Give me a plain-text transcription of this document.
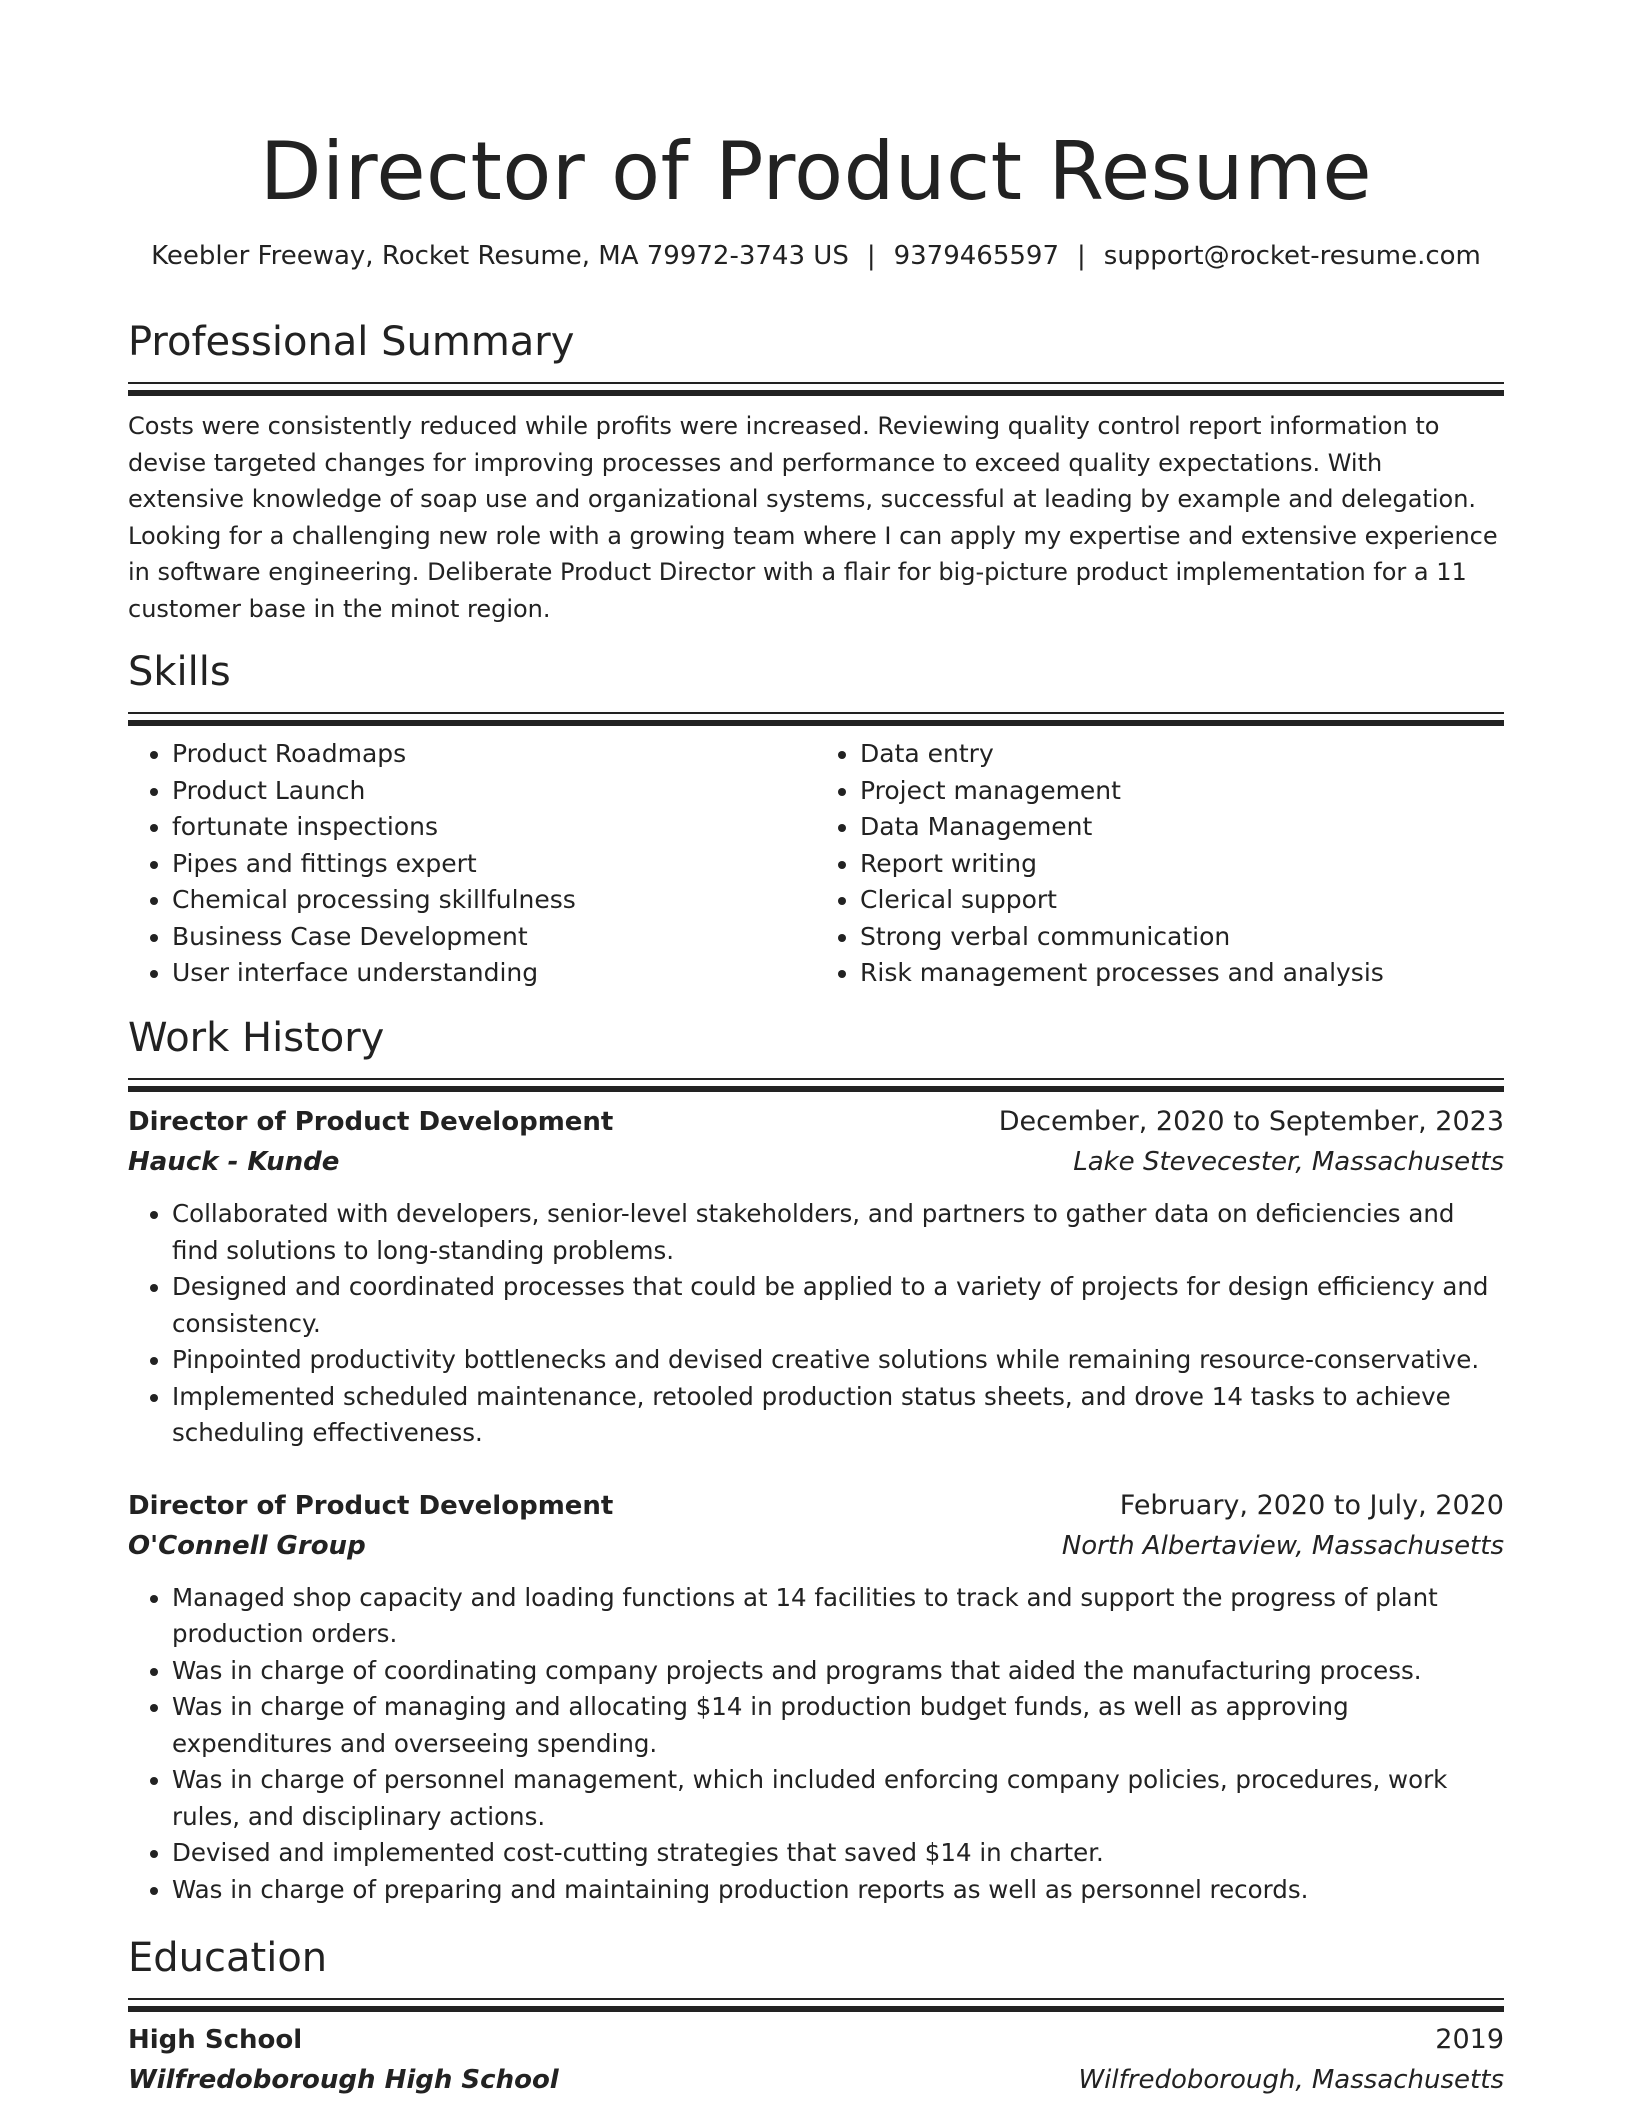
Director of Product Resume
Keebler Freeway, Rocket Resume, MA 79972-3743 US | 9379465597 | support@rocket-resume.com
Professional Summary

Costs were consistently reduced while profits were increased. Reviewing quality control report information to devise targeted changes for improving processes and performance to exceed quality expectations. With extensive knowledge of soap use and organizational systems, successful at leading by example and delegation. Looking for a challenging new role with a growing team where I can apply my expertise and extensive experience in software engineering. Deliberate Product Director with a flair for big-picture product implementation for a 11 customer base in the minot region.

Skills
• Product Roadmaps
• Product Launch
• fortunate inspections
• Pipes and fittings expert
• Chemical processing skillfulness
• Business Case Development
• User interface understanding
• Data entry
• Project management
• Data Management
• Report writing
• Clerical support
• Strong verbal communication
• Risk management processes and analysis
Work History
Director of Product Development	December, 2020 to September, 2023
Hauck - Kunde	Lake Stevecester, Massachusetts
• Collaborated with developers, senior-level stakeholders, and partners to gather data on deficiencies and find solutions to long-standing problems.
• Designed and coordinated processes that could be applied to a variety of projects for design efficiency and consistency.
• Pinpointed productivity bottlenecks and devised creative solutions while remaining resource-conservative.
• Implemented scheduled maintenance, retooled production status sheets, and drove 14 tasks to achieve scheduling effectiveness.
Director of Product Development	February, 2020 to July, 2020
O'Connell Group	North Albertaview, Massachusetts
• Managed shop capacity and loading functions at 14 facilities to track and support the progress of plant production orders.
• Was in charge of coordinating company projects and programs that aided the manufacturing process.
• Was in charge of managing and allocating $14 in production budget funds, as well as approving expenditures and overseeing spending.
• Was in charge of personnel management, which included enforcing company policies, procedures, work rules, and disciplinary actions.
• Devised and implemented cost-cutting strategies that saved $14 in charter.
• Was in charge of preparing and maintaining production reports as well as personnel records.
Education
High School	2019
Wilfredoborough High School	Wilfredoborough, Massachusetts
